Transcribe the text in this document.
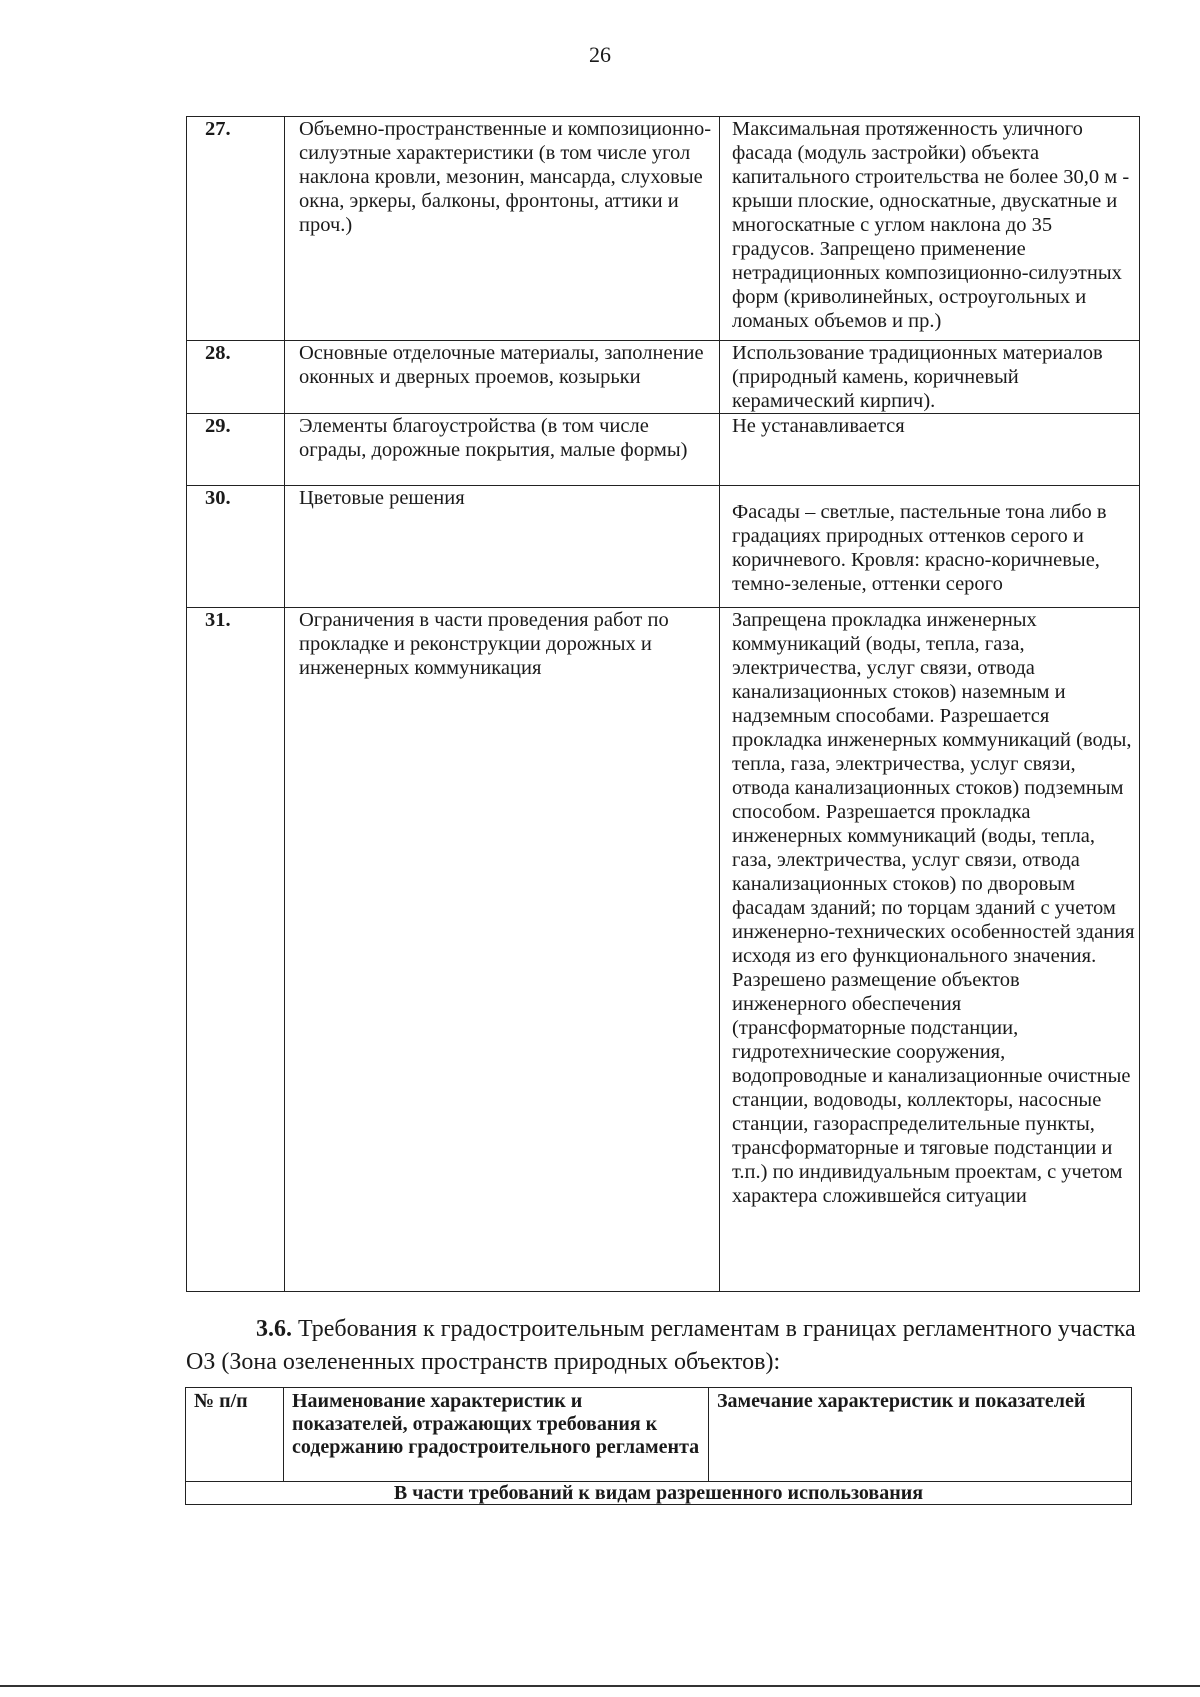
26
27.	Объемно-пространственные и композиционно-силуэтные характеристики (в том числе угол наклона кровли, мезонин, мансарда, слуховые окна, эркеры, балконы, фронтоны, аттики и проч.)	Максимальная протяженность уличного фасада (модуль застройки) объекта капитального строительства не более 30,0 м - крыши плоские, односкатные, двускатные и многоскатные с углом наклона до 35 градусов. Запрещено применение нетрадиционных композиционно-силуэтных форм (криволинейных, остроугольных и ломаных объемов и пр.)
28.	Основные отделочные материалы, заполнение оконных и дверных проемов, козырьки	Использование традиционных материалов (природный камень, коричневый керамический кирпич).
29.	Элементы благоустройства (в том числе ограды, дорожные покрытия, малые формы)	Не устанавливается
30.	Цветовые решения	Фасады – светлые, пастельные тона либо в градациях природных оттенков серого и коричневого. Кровля: красно-коричневые, темно-зеленые, оттенки серого
31.	Ограничения в части проведения работ по прокладке и реконструкции дорожных и инженерных коммуникация	Запрещена прокладка инженерных коммуникаций (воды, тепла, газа, электричества, услуг связи, отвода канализационных стоков) наземным и надземным способами. Разрешается прокладка инженерных коммуникаций (воды, тепла, газа, электричества, услуг связи, отвода канализационных стоков) подземным способом. Разрешается прокладка инженерных коммуникаций (воды, тепла, газа, электричества, услуг связи, отвода канализационных стоков) по дворовым фасадам зданий; по торцам зданий с учетом инженерно-технических особенностей здания исходя из его функционального значения.
Разрешено размещение объектов инженерного обеспечения (трансформаторные подстанции, гидротехнические сооружения, водопроводные и канализационные очистные станции, водоводы, коллекторы, насосные станции, газораспределительные пункты, трансформаторные и тяговые подстанции и т.п.) по индивидуальным проектам, с учетом характера сложившейся ситуации
3.6. Требования к градостроительным регламентам в границах регламентного участка ОЗ (Зона озелененных пространств природных объектов):
№ п/п	Наименование характеристик и показателей, отражающих требования к содержанию градостроительного регламента	Замечание характеристик и показателей
В части требований к видам разрешенного использования
